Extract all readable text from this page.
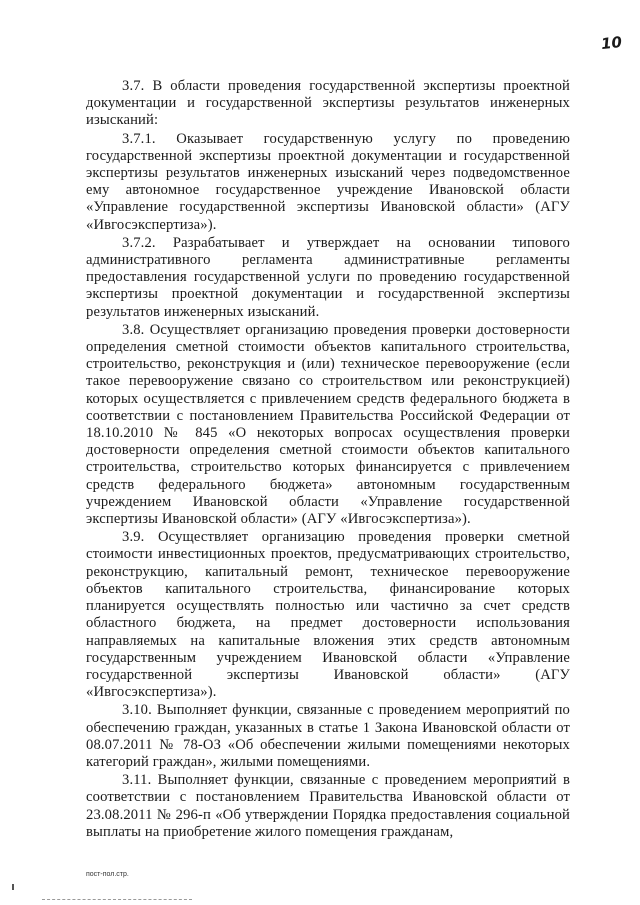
10

3.7. В области проведения государственной экспертизы проектной документации и государственной экспертизы результатов инженерных изысканий:

3.7.1. Оказывает государственную услугу по проведению государственной экспертизы проектной документации и государственной экспертизы результатов инженерных изысканий через подведомственное ему автономное государственное учреждение Ивановской области «Управление государственной экспертизы Ивановской области» (АГУ «Ивгосэкспертиза»).

3.7.2. Разрабатывает и утверждает на основании типового административного регламента административные регламенты предоставления государственной услуги по проведению государственной экспертизы проектной документации и государственной экспертизы результатов инженерных изысканий.

3.8. Осуществляет организацию проведения проверки достоверности определения сметной стоимости объектов капитального строительства, строительство, реконструкция и (или) техническое перевооружение (если такое перевооружение связано со строительством или реконструкцией) которых осуществляется с привлечением средств федерального бюджета в соответствии с постановлением Правительства Российской Федерации от 18.10.2010 № 845 «О некоторых вопросах осуществления проверки достоверности определения сметной стоимости объектов капитального строительства, строительство которых финансируется с привлечением средств федерального бюджета» автономным государственным учреждением Ивановской области «Управление государственной экспертизы Ивановской области» (АГУ «Ивгосэкспертиза»).

3.9. Осуществляет организацию проведения проверки сметной стоимости инвестиционных проектов, предусматривающих строительство, реконструкцию, капитальный ремонт, техническое перевооружение объектов капитального строительства, финансирование которых планируется осуществлять полностью или частично за счет средств областного бюджета, на предмет достоверности использования направляемых на капитальные вложения этих средств автономным государственным учреждением Ивановской области «Управление государственной экспертизы Ивановской области» (АГУ «Ивгосэкспертиза»).

3.10. Выполняет функции, связанные с проведением мероприятий по обеспечению граждан, указанных в статье 1 Закона Ивановской области от 08.07.2011 № 78-ОЗ «Об обеспечении жилыми помещениями некоторых категорий граждан», жилыми помещениями.

3.11. Выполняет функции, связанные с проведением мероприятий в соответствии с постановлением Правительства Ивановской области от 23.08.2011 № 296-п «Об утверждении Порядка предоставления социальной выплаты на приобретение жилого помещения гражданам,

пост-пол.стр.
